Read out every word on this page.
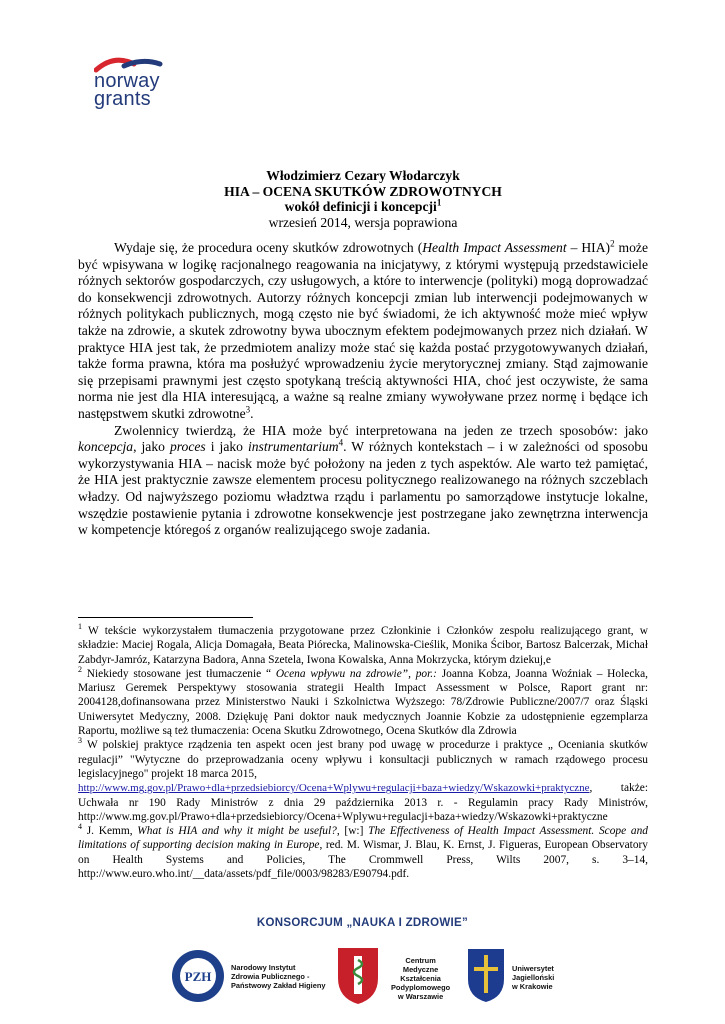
norway
grants
Włodzimierz Cezary Włodarczyk
HIA – OCENA SKUTKÓW ZDROWOTNYCH
wokół definicji i koncepcji$^1$
wrzesień 2014, wersja poprawiona

Wydaje się, że procedura oceny skutków zdrowotnych (Health Impact Assessment – HIA)$^2$ może być wpisywana w logikę racjonalnego reagowania na inicjatywy, z którymi występują przedstawiciele różnych sektorów gospodarczych, czy usługowych, a które to interwencje (polityki) mogą doprowadzać do konsekwencji zdrowotnych. Autorzy różnych koncepcji zmian lub interwencji podejmowanych w różnych politykach publicznych, mogą często nie być świadomi, że ich aktywność może mieć wpływ także na zdrowie, a skutek zdrowotny bywa ubocznym efektem podejmowanych przez nich działań. W praktyce HIA jest tak, że przedmiotem analizy może stać się każda postać przygotowywanych działań, także forma prawna, która ma posłużyć wprowadzeniu życie merytorycznej zmiany. Stąd zajmowanie się przepisami prawnymi jest często spotykaną treścią aktywności HIA, choć jest oczywiste, że sama norma nie jest dla HIA interesującą, a ważne są realne zmiany wywoływane przez normę i będące ich następstwem skutki zdrowotne$^3$.

Zwolennicy twierdzą, że HIA może być interpretowana na jeden ze trzech sposobów: jako koncepcja, jako proces i jako instrumentarium$^4$. W różnych kontekstach – i w zależności od sposobu wykorzystywania HIA – nacisk może być położony na jeden z tych aspektów. Ale warto też pamiętać, że HIA jest praktycznie zawsze elementem procesu politycznego realizowanego na różnych szczeblach władzy. Od najwyższego poziomu władztwa rządu i parlamentu po samorządowe instytucje lokalne, wszędzie postawienie pytania i zdrowotne konsekwencje jest postrzegane jako zewnętrzna interwencja w kompetencje któregoś z organów realizującego swoje zadania.

$^1$ W tekście wykorzystałem tłumaczenia przygotowane przez Członkinie i Członków zespołu realizującego grant, w składzie: Maciej Rogala, Alicja Domagała, Beata Piórecka, Malinowska-Cieślik, Monika Ścibor, Bartosz Balcerzak, Michał Zabdyr-Jamróz, Katarzyna Badora, Anna Szetela, Iwona Kowalska, Anna Mokrzycka, którym dziekuj,e

$^2$ Niekiedy stosowane jest tłumaczenie “ Ocena wpływu na zdrowie”, por.: Joanna Kobza, Joanna Woźniak – Holecka, Mariusz Geremek Perspektywy stosowania strategii Health Impact Assessment w Polsce, Raport grant nr: 2004128,dofinansowana przez Ministerstwo Nauki i Szkolnictwa Wyższego: 78/Zdrowie Publiczne/2007/7 oraz Śląski Uniwersytet Medyczny, 2008. Dziękuję Pani doktor nauk medycznych Joannie Kobzie za udostępnienie egzemplarza Raportu, możliwe są też tłumaczenia: Ocena Skutku Zdrowotnego, Ocena Skutków dla Zdrowia

$^3$ W polskiej praktyce rządzenia ten aspekt ocen jest brany pod uwagę w procedurze i praktyce „ Oceniania skutków regulacji” "Wytyczne do przeprowadzania oceny wpływu i konsultacji publicznych w ramach rządowego procesu legislacyjnego" projekt 18 marca 2015,
http://www.mg.gov.pl/Prawo+dla+przedsiebiorcy/Ocena+Wplywu+regulacji+baza+wiedzy/Wskazowki+praktyczne, także: Uchwała nr 190 Rady Ministrów z dnia 29 października 2013 r. - Regulamin pracy Rady Ministrów, http://www.mg.gov.pl/Prawo+dla+przedsiebiorcy/Ocena+Wplywu+regulacji+baza+wiedzy/Wskazowki+praktyczne

$^4$ J. Kemm, What is HIA and why it might be useful?, [w:] The Effectiveness of Health Impact Assessment. Scope and limitations of supporting decision making in Europe, red. M. Wismar, J. Blau, K. Ernst, J. Figueras, European Observatory on Health Systems and Policies, The Crommwell Press, Wilts 2007, s. 3–14, http://www.euro.who.int/__data/assets/pdf_file/0003/98283/E90794.pdf.

KONSORCJUM „NAUKA I ZDROWIE”
PZH
Narodowy Instytut
Zdrowia Publicznego -
Państwowy Zakład Higieny
Centrum
Medyczne
Kształcenia
Podyplomowego
w Warszawie
Uniwersytet
Jagielloński
w Krakowie
